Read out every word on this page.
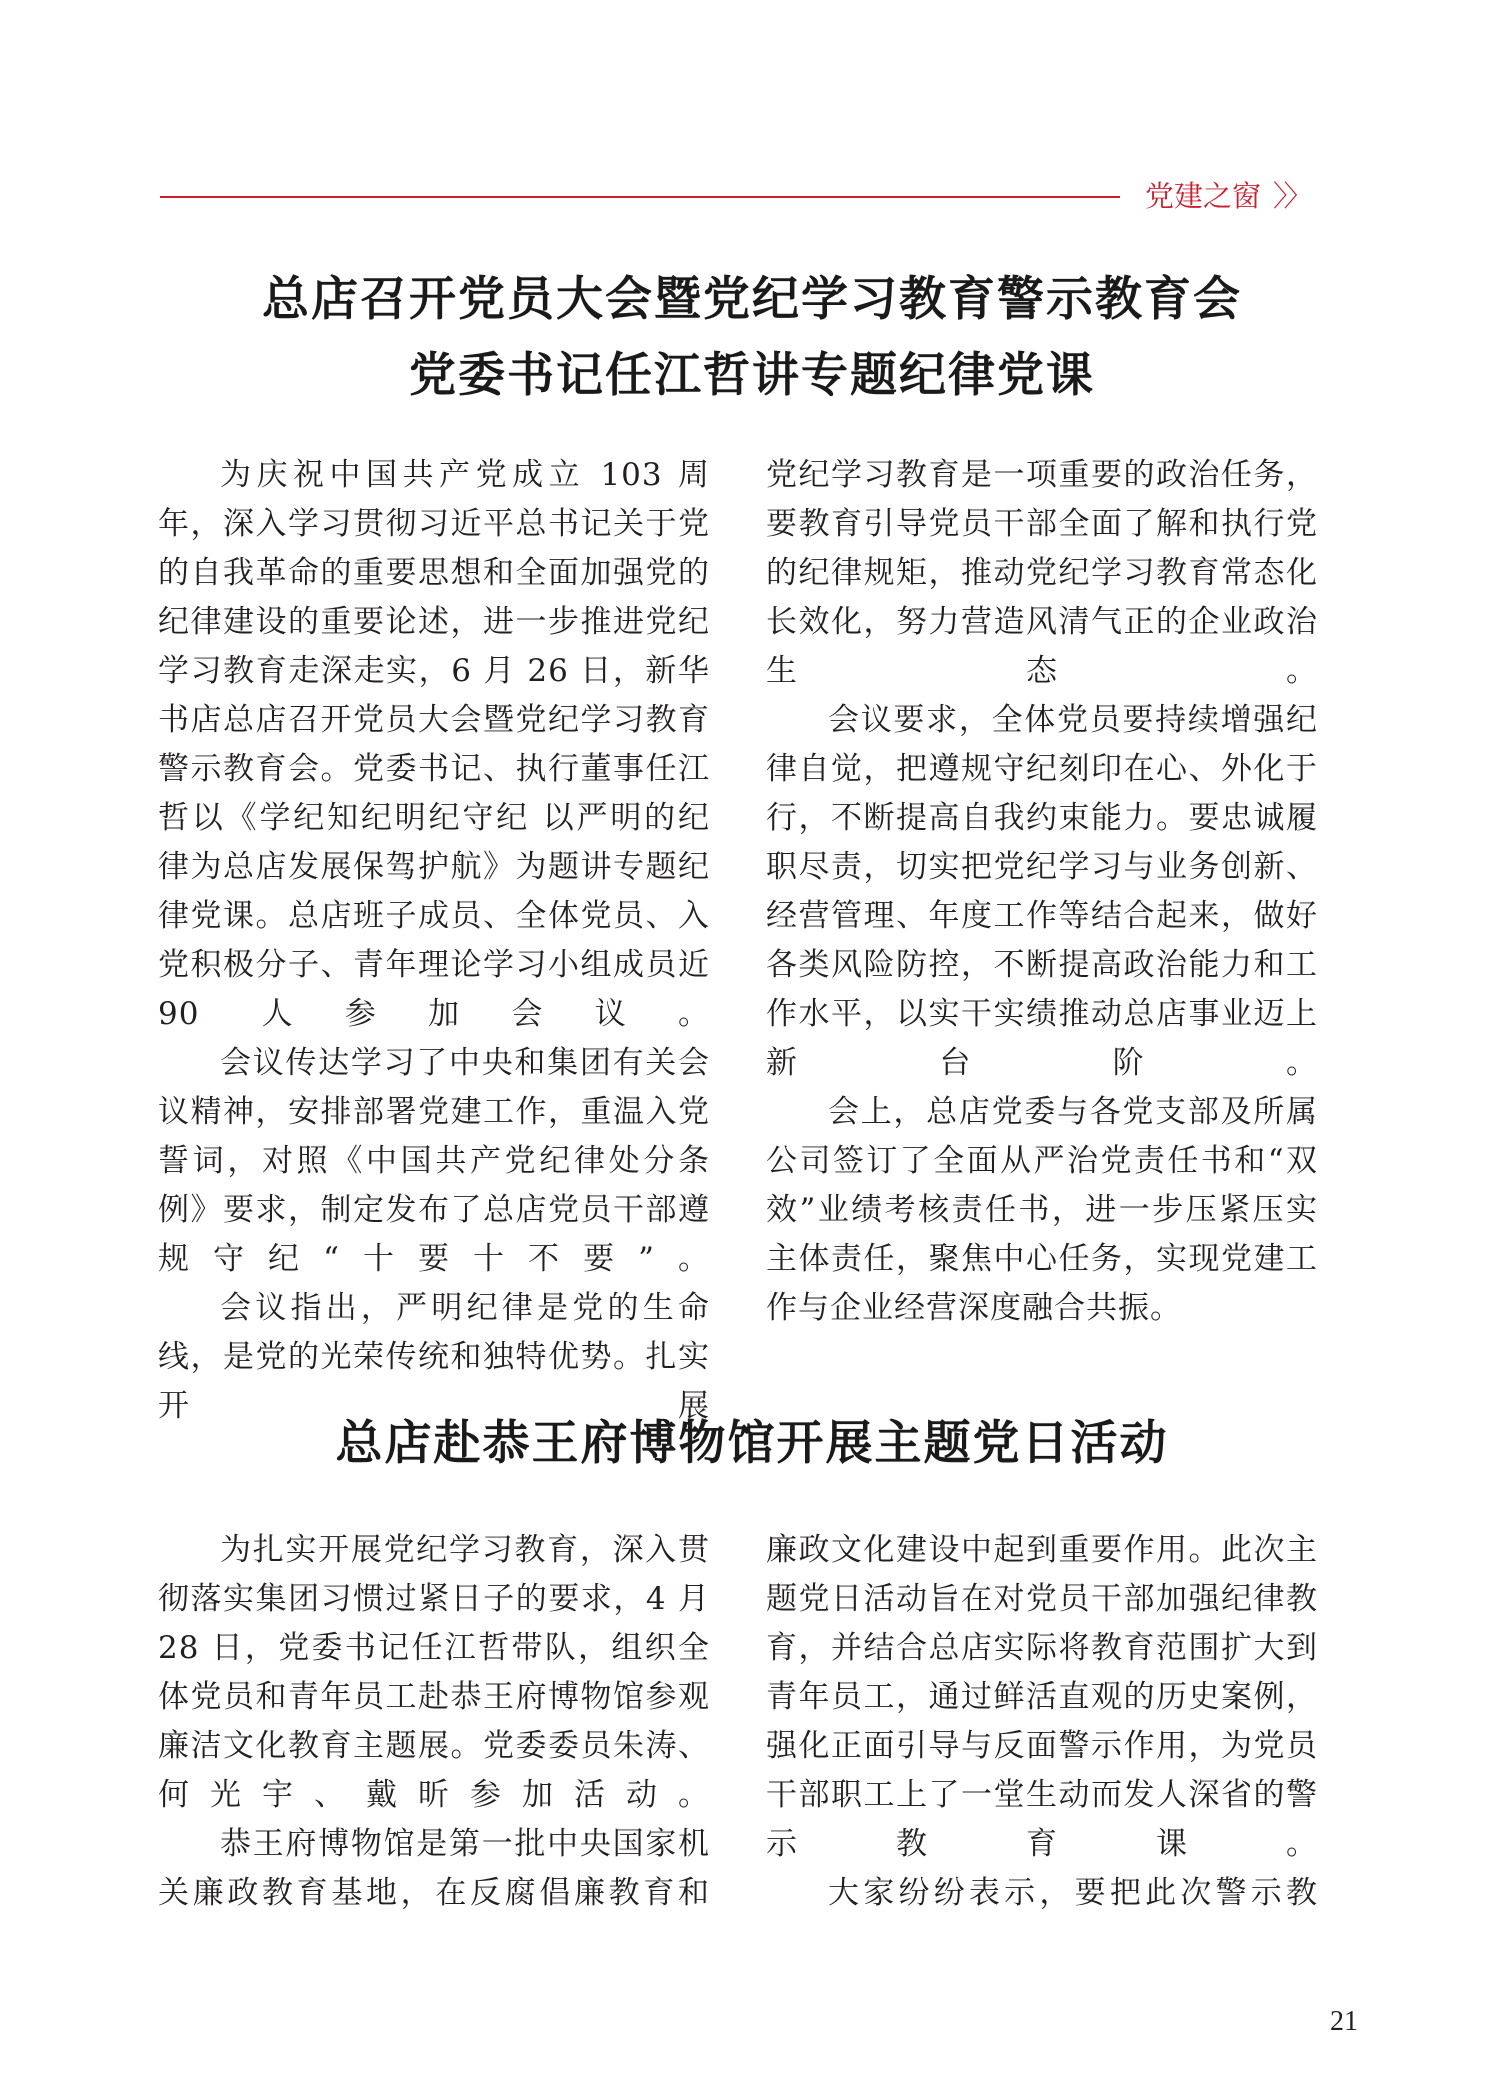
党建之窗 〉〉
总店召开党员大会暨党纪学习教育警示教育会
党委书记任江哲讲专题纪律党课

为庆祝中国共产党成立 103 周年，深入学习贯彻习近平总书记关于党的自我革命的重要思想和全面加强党的纪律建设的重要论述，进一步推进党纪学习教育走深走实，6 月 26 日，新华书店总店召开党员大会暨党纪学习教育警示教育会。党委书记、执行董事任江哲以《学纪知纪明纪守纪 以严明的纪律为总店发展保驾护航》为题讲专题纪律党课。总店班子成员、全体党员、入党积极分子、青年理论学习小组成员近 90 人参加会议。

会议传达学习了中央和集团有关会议精神，安排部署党建工作，重温入党誓词，对照《中国共产党纪律处分条例》要求，制定发布了总店党员干部遵规守纪“十要十不要”。

会议指出，严明纪律是党的生命线，是党的光荣传统和独特优势。扎实开展

党纪学习教育是一项重要的政治任务，要教育引导党员干部全面了解和执行党的纪律规矩，推动党纪学习教育常态化长效化，努力营造风清气正的企业政治生态。

会议要求，全体党员要持续增强纪律自觉，把遵规守纪刻印在心、外化于行，不断提高自我约束能力。要忠诚履职尽责，切实把党纪学习与业务创新、经营管理、年度工作等结合起来，做好各类风险防控，不断提高政治能力和工作水平，以实干实绩推动总店事业迈上新台阶。

会上，总店党委与各党支部及所属公司签订了全面从严治党责任书和“双效”业绩考核责任书，进一步压紧压实主体责任，聚焦中心任务，实现党建工作与企业经营深度融合共振。

总店赴恭王府博物馆开展主题党日活动

为扎实开展党纪学习教育，深入贯彻落实集团习惯过紧日子的要求，4 月 28 日，党委书记任江哲带队，组织全体党员和青年员工赴恭王府博物馆参观廉洁文化教育主题展。党委委员朱涛、何光宇、戴昕参加活动。

恭王府博物馆是第一批中央国家机关廉政教育基地，在反腐倡廉教育和

廉政文化建设中起到重要作用。此次主题党日活动旨在对党员干部加强纪律教育，并结合总店实际将教育范围扩大到青年员工，通过鲜活直观的历史案例，强化正面引导与反面警示作用，为党员干部职工上了一堂生动而发人深省的警示教育课。

大家纷纷表示，要把此次警示教

21
